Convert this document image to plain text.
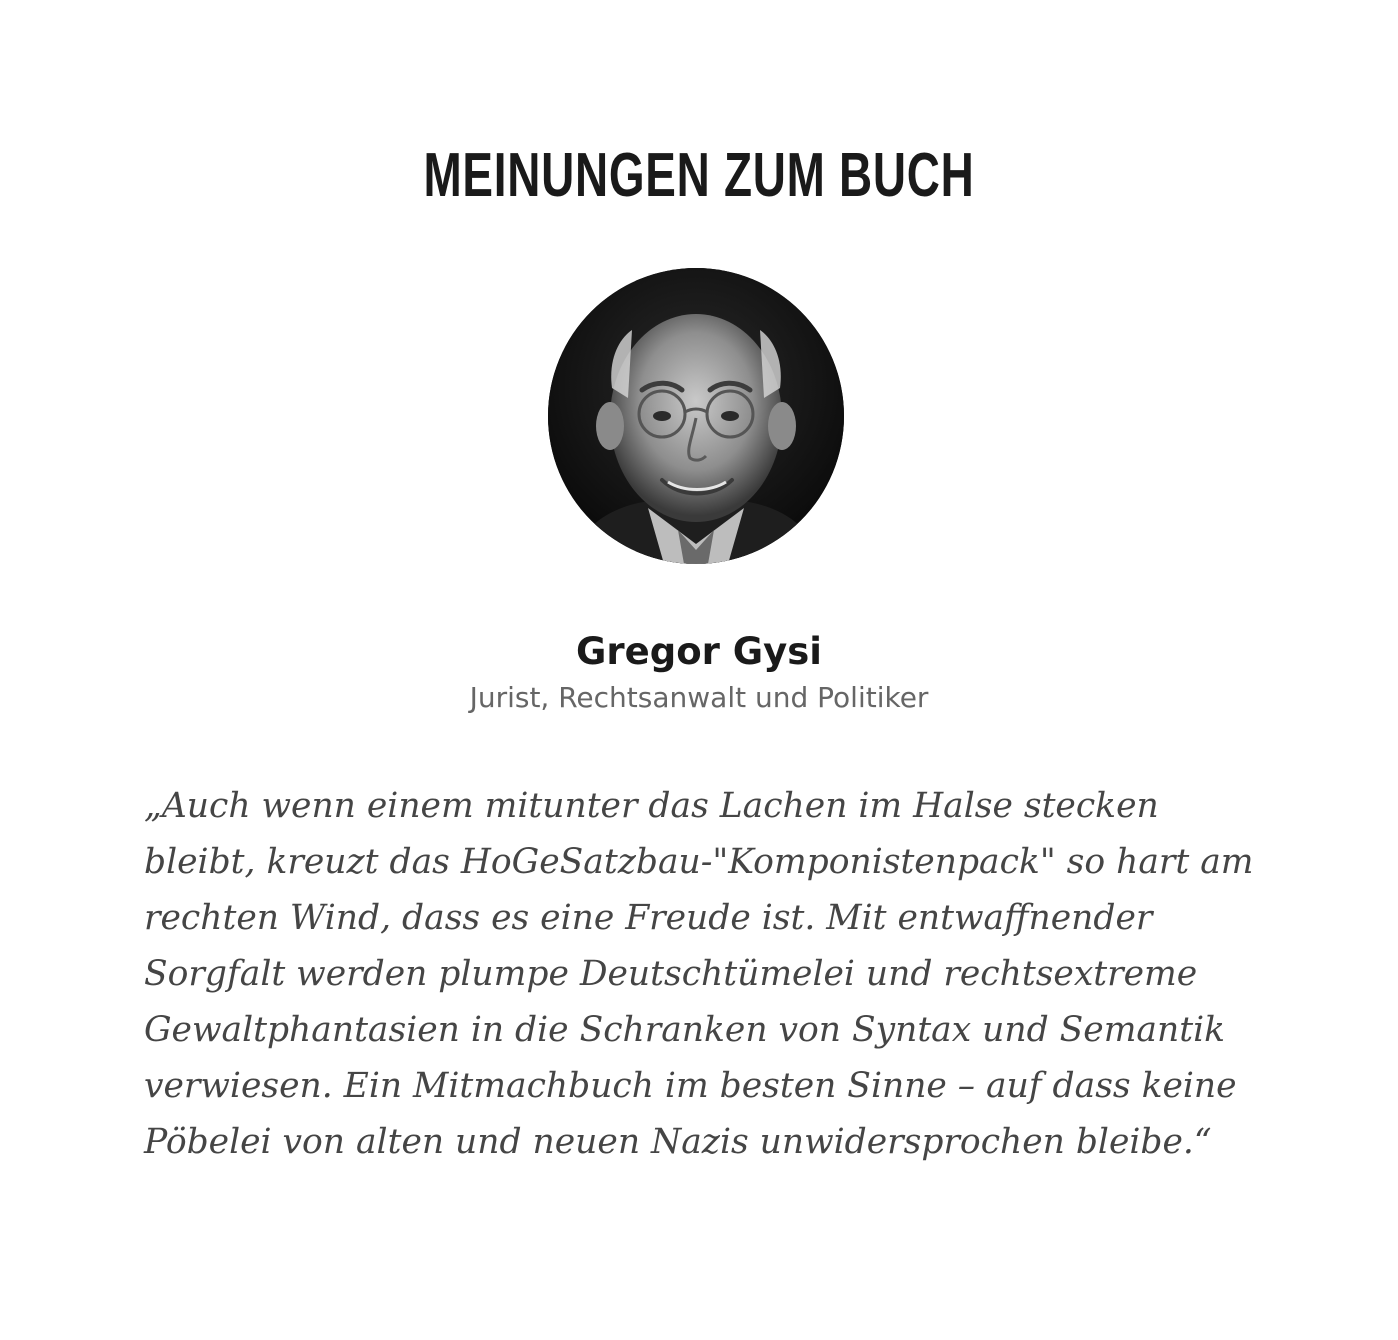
MEINUNGEN ZUM BUCH
Gregor Gysi
Jurist, Rechtsanwalt und Politiker

„Auch wenn einem mitunter das Lachen im Halse stecken bleibt, kreuzt das HoGeSatzbau-"Komponistenpack" so hart am rechten Wind, dass es eine Freude ist. Mit entwaffnender Sorgfalt werden plumpe Deutschtümelei und rechtsextreme Gewaltphantasien in die Schranken von Syntax und Semantik verwiesen. Ein Mitmachbuch im besten Sinne – auf dass keine Pöbelei von alten und neuen Nazis unwidersprochen bleibe.“
